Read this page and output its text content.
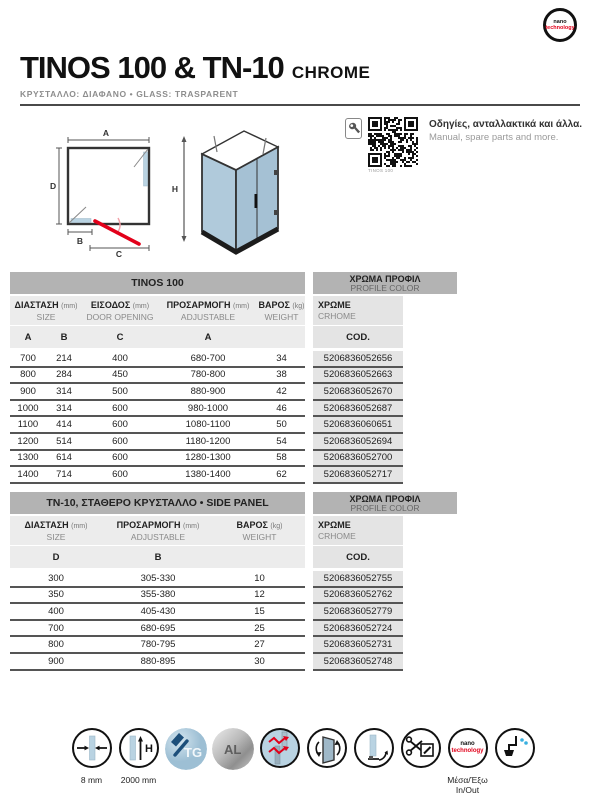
nano
technology
TINOS 100 & TN-10 CHROME
ΚΡΥΣΤΑΛΛΟ: ΔΙΑΦΑΝΟ • GLASS: TRASPARENT
A
D
B
C
H
TINOS 100
Οδηγίες, ανταλλακτικά και άλλα.
Manual, spare parts and more.
TINOS 100	ΧΡΩΜΑ ΠΡΟΦΙΛ
PROFILE COLOR
ΔΙΑΣΤΑΣΗ (mm)
SIZE
ΕΙΣΟΔΟΣ (mm)
DOOR OPENING
ΠΡΟΣΑΡΜΟΓΗ (mm)
ADJUSTABLE
ΒΑΡΟΣ (kg)
WEIGHT
ΧΡΩΜΕ
CRHOME
A	B	C	A	COD.
700	214	400	680-700	34	5206836052656
800	284	450	780-800	38	5206836052663
900	314	500	880-900	42	5206836052670
1000	314	600	980-1000	46	5206836052687
1100	414	600	1080-1100	50	5206836060651
1200	514	600	1180-1200	54	5206836052694
1300	614	600	1280-1300	58	5206836052700
1400	714	600	1380-1400	62	5206836052717
TN-10, ΣΤΑΘΕΡΟ ΚΡΥΣΤΑΛΛΟ • SIDE PANEL	ΧΡΩΜΑ ΠΡΟΦΙΛ
PROFILE COLOR
ΔΙΑΣΤΑΣΗ (mm)
SIZE
ΠΡΟΣΑΡΜΟΓΗ (mm)
ADJUSTABLE
ΒΑΡΟΣ (kg)
WEIGHT
ΧΡΩΜΕ
CRHOME
D	B	COD.
300	305-330	10	5206836052755
350	355-380	12	5206836052762
400	405-430	15	5206836052779
700	680-695	25	5206836052724
800	780-795	27	5206836052731
900	880-895	30	5206836052748
8 mm
H
2000 mm
TG AL	nano
technology
Μέσα/Έξω
In/Out
